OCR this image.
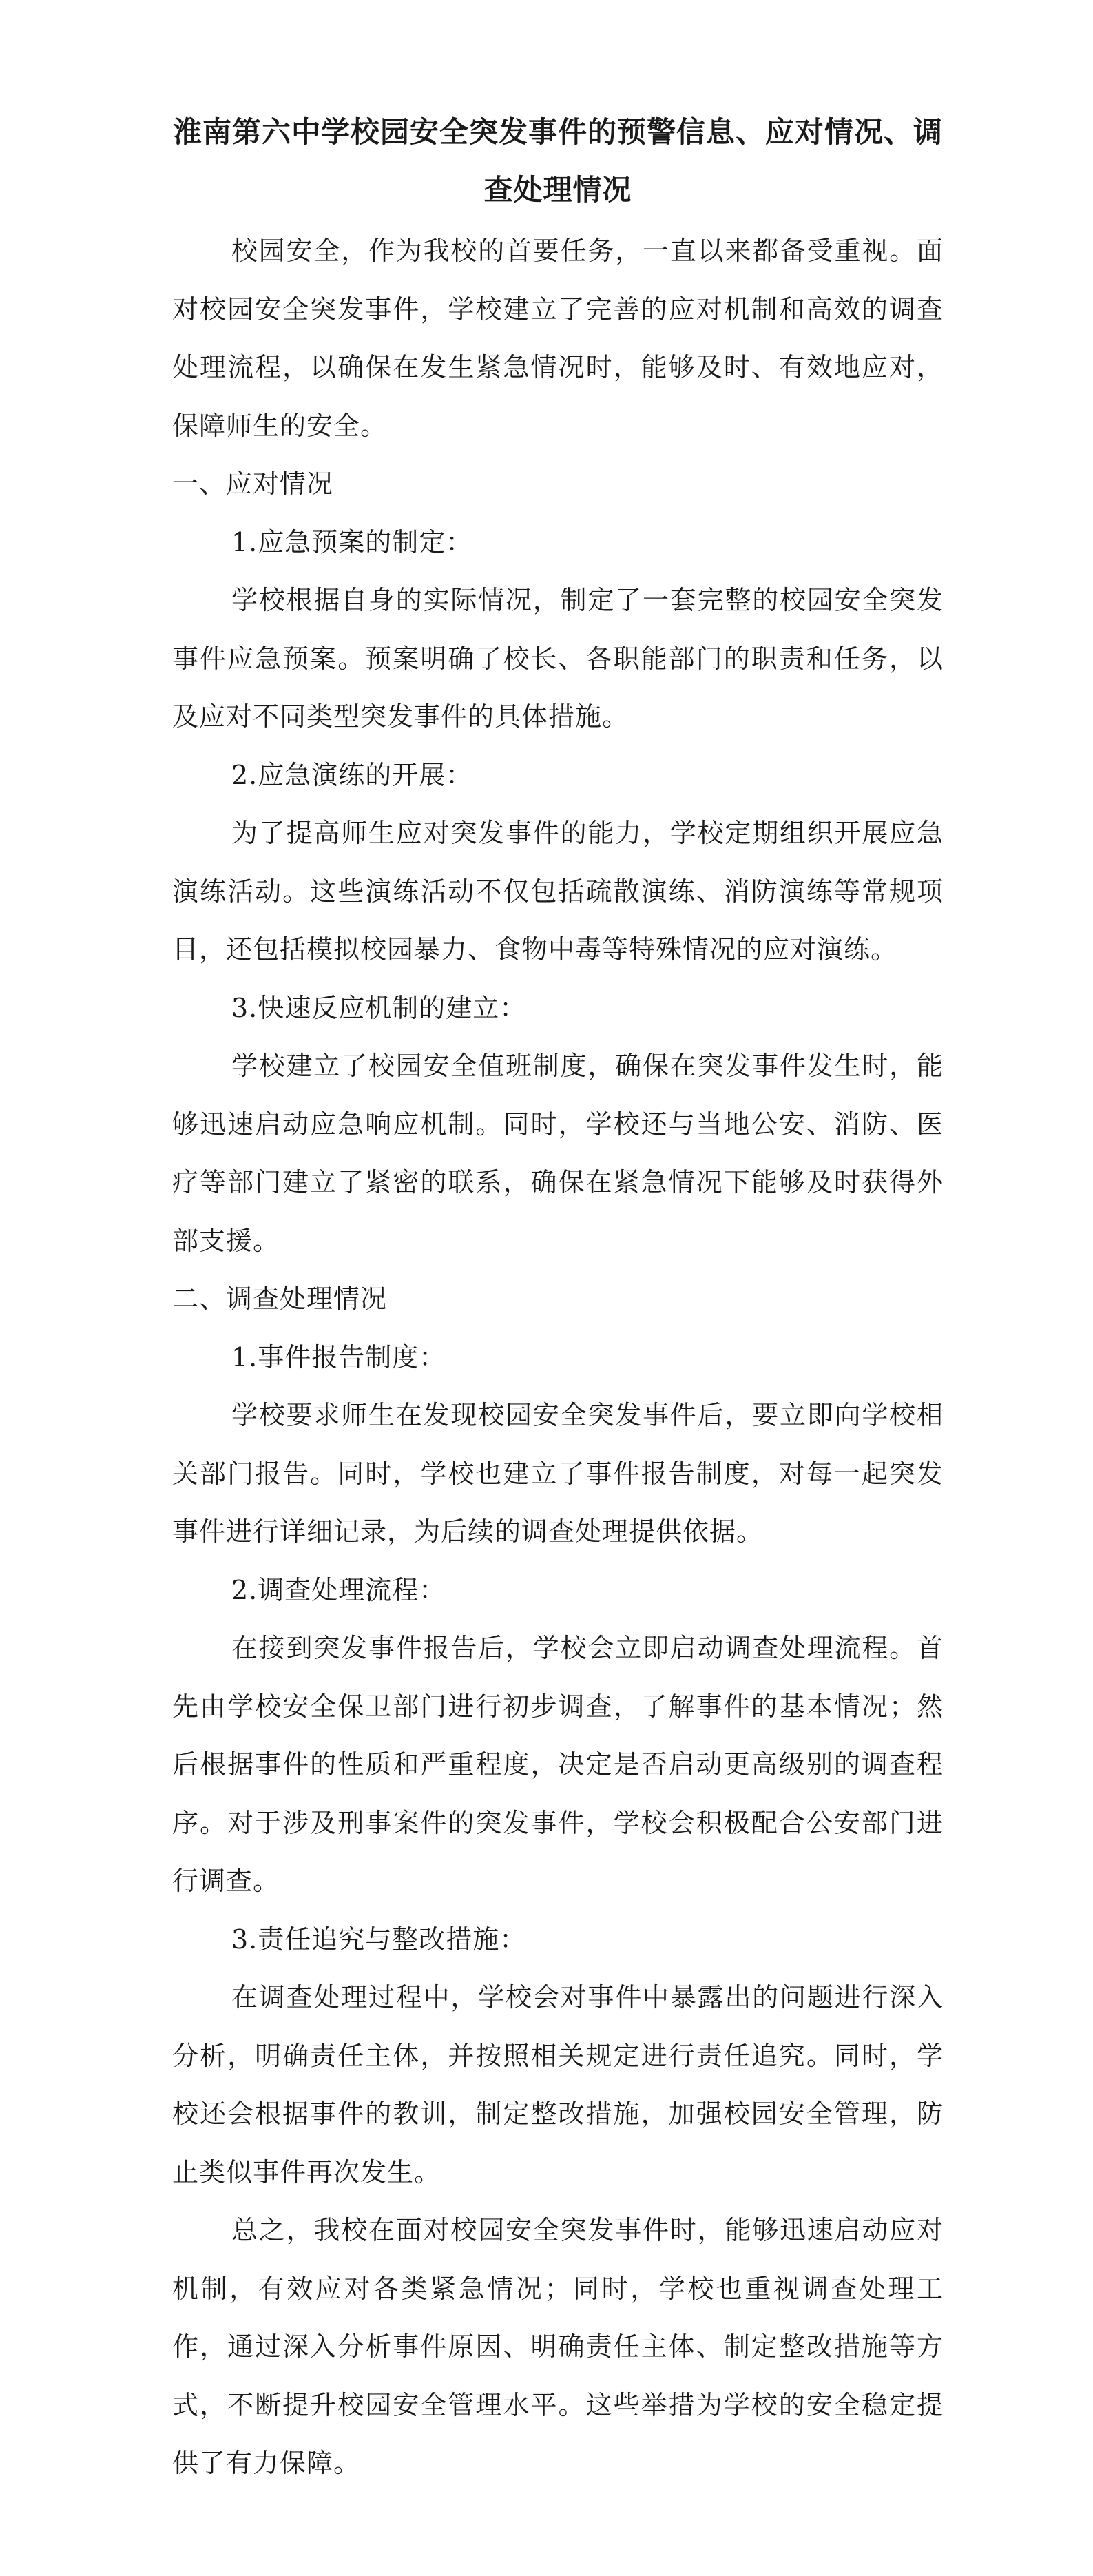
淮南第六中学校园安全突发事件的预警信息、应对情况、调查处理情况

校园安全，作为我校的首要任务，一直以来都备受重视。面对校园安全突发事件，学校建立了完善的应对机制和高效的调查处理流程，以确保在发生紧急情况时，能够及时、有效地应对，保障师生的安全。

一、应对情况

1.应急预案的制定：

学校根据自身的实际情况，制定了一套完整的校园安全突发事件应急预案。预案明确了校长、各职能部门的职责和任务，以及应对不同类型突发事件的具体措施。

2.应急演练的开展：

为了提高师生应对突发事件的能力，学校定期组织开展应急演练活动。这些演练活动不仅包括疏散演练、消防演练等常规项目，还包括模拟校园暴力、食物中毒等特殊情况的应对演练。

3.快速反应机制的建立：

学校建立了校园安全值班制度，确保在突发事件发生时，能够迅速启动应急响应机制。同时，学校还与当地公安、消防、医疗等部门建立了紧密的联系，确保在紧急情况下能够及时获得外部支援。

二、调查处理情况

1.事件报告制度：

学校要求师生在发现校园安全突发事件后，要立即向学校相关部门报告。同时，学校也建立了事件报告制度，对每一起突发事件进行详细记录，为后续的调查处理提供依据。

2.调查处理流程：

在接到突发事件报告后，学校会立即启动调查处理流程。首先由学校安全保卫部门进行初步调查，了解事件的基本情况；然后根据事件的性质和严重程度，决定是否启动更高级别的调查程序。对于涉及刑事案件的突发事件，学校会积极配合公安部门进行调查。

3.责任追究与整改措施：

在调查处理过程中，学校会对事件中暴露出的问题进行深入分析，明确责任主体，并按照相关规定进行责任追究。同时，学校还会根据事件的教训，制定整改措施，加强校园安全管理，防止类似事件再次发生。

总之，我校在面对校园安全突发事件时，能够迅速启动应对机制，有效应对各类紧急情况；同时，学校也重视调查处理工作，通过深入分析事件原因、明确责任主体、制定整改措施等方式，不断提升校园安全管理水平。这些举措为学校的安全稳定提供了有力保障。
